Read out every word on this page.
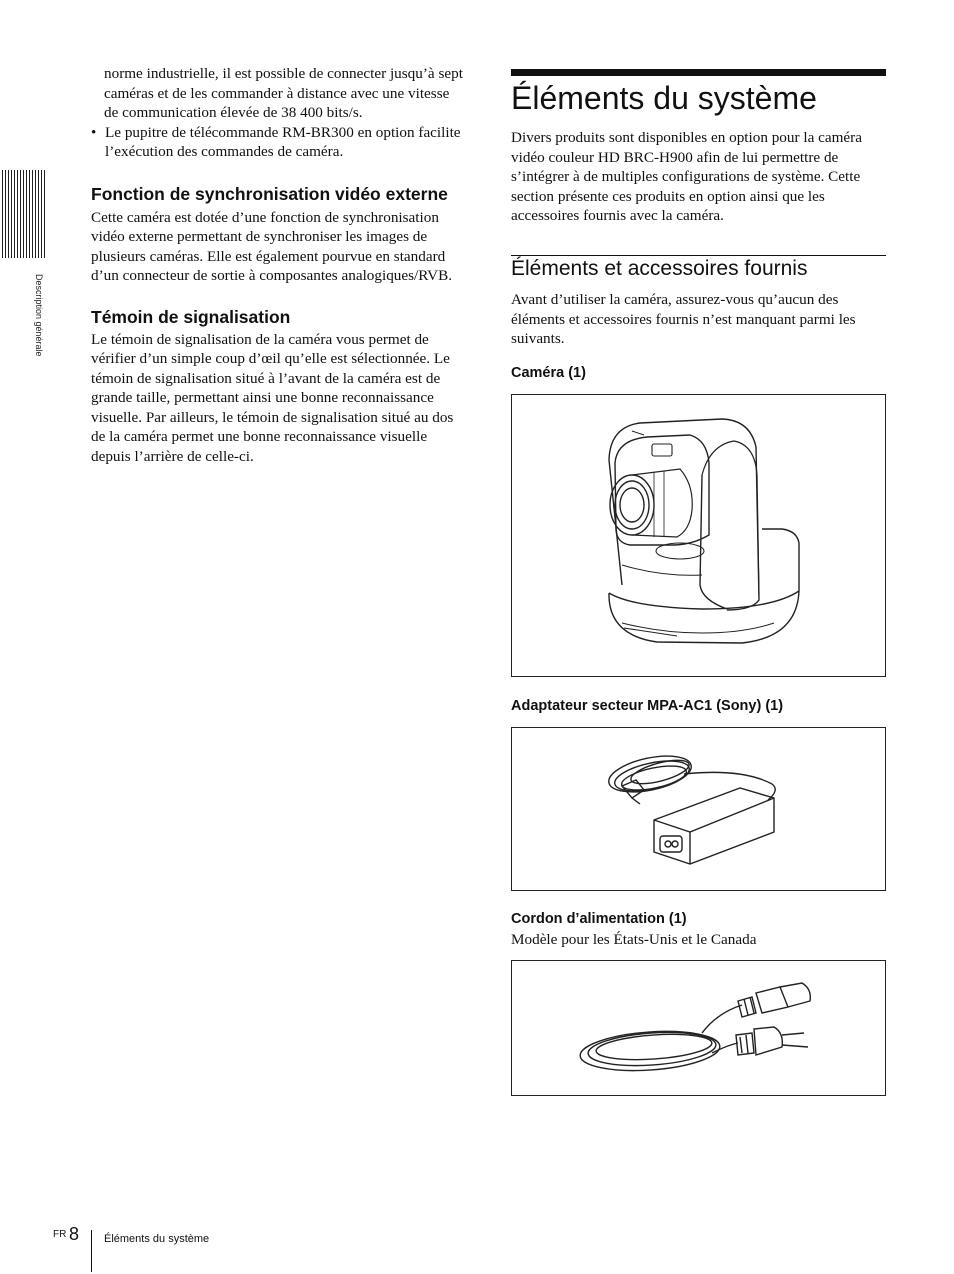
Description générale

norme industrielle, il est possible de connecter jusqu’à sept caméras et de les commander à distance avec une vitesse de communication élevée de 38 400 bits/s.

• Le pupitre de télécommande RM-BR300 en option facilite l’exécution des commandes de caméra.
Fonction de synchronisation vidéo externe

Cette caméra est dotée d’une fonction de synchronisation vidéo externe permettant de synchroniser les images de plusieurs caméras. Elle est également pourvue en standard d’un connecteur de sortie à composantes analogiques/RVB.

Témoin de signalisation

Le témoin de signalisation de la caméra vous permet de vérifier d’un simple coup d’œil qu’elle est sélectionnée. Le témoin de signalisation situé à l’avant de la caméra est de grande taille, permettant ainsi une bonne reconnaissance visuelle. Par ailleurs, le témoin de signalisation situé au dos de la caméra permet une bonne reconnaissance visuelle depuis l’arrière de celle-ci.

Éléments du système

Divers produits sont disponibles en option pour la caméra vidéo couleur HD BRC-H900 afin de lui permettre de s’intégrer à de multiples configurations de système. Cette section présente ces produits en option ainsi que les accessoires fournis avec la caméra.

Éléments et accessoires fournis

Avant d’utiliser la caméra, assurez-vous qu’aucun des éléments et accessoires fournis n’est manquant parmi les suivants.

Caméra (1)
Adaptateur secteur MPA-AC1 (Sony) (1)
Cordon d’alimentation (1)

Modèle pour les États-Unis et le Canada

FR 8 Éléments du système
